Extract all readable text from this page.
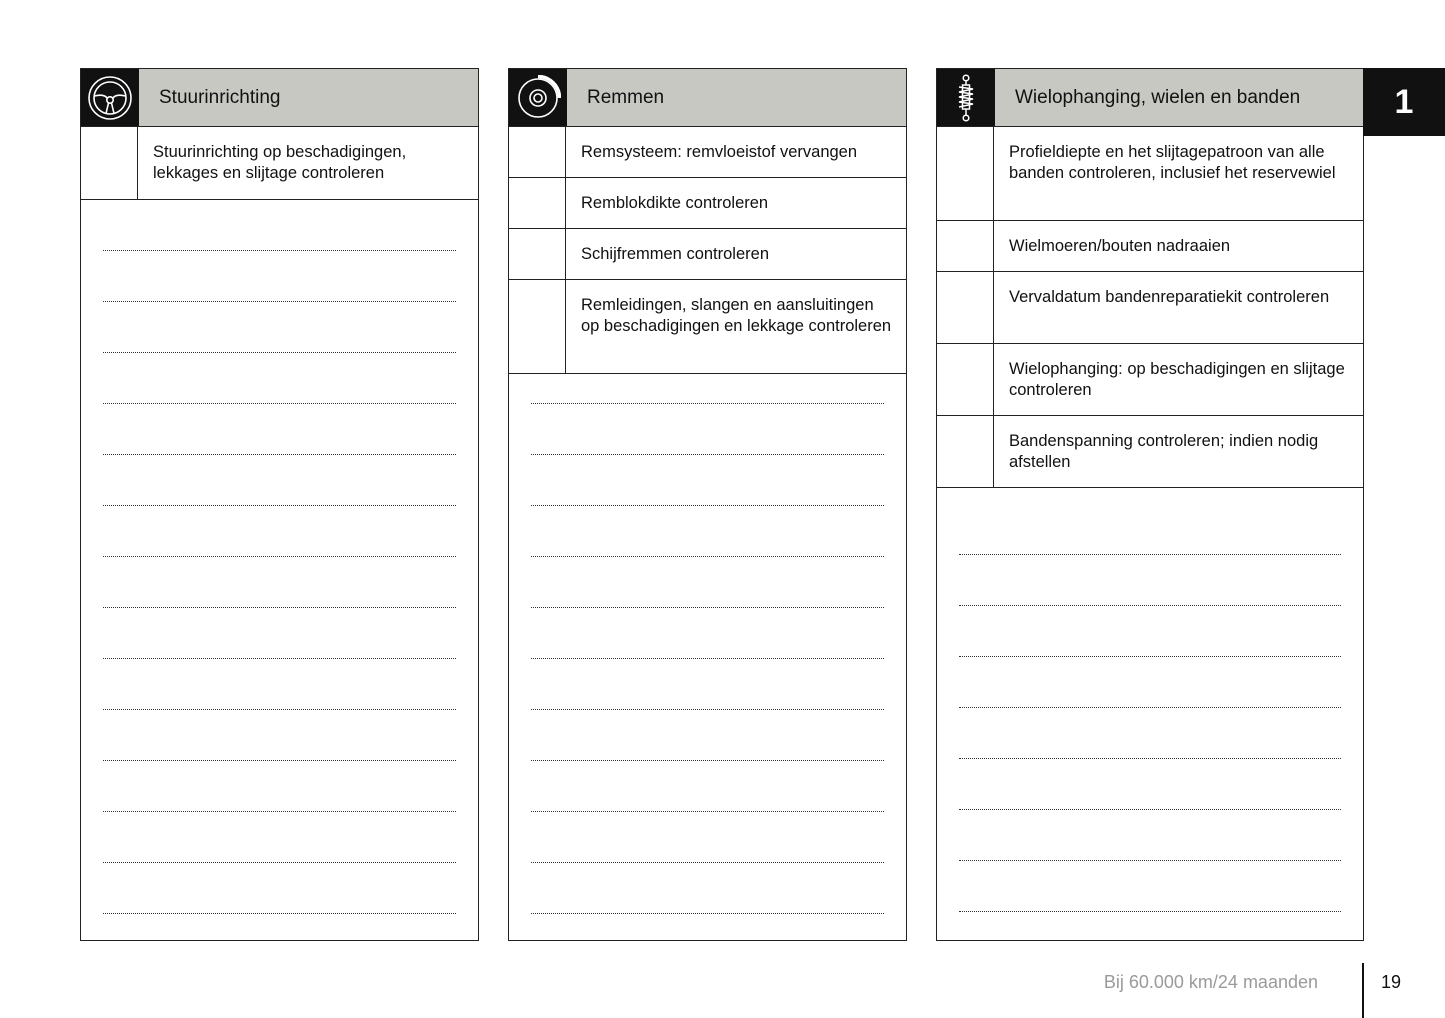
Stuurinrichting
Stuurinrichting op beschadigingen, lekkages en slijtage controleren
Remmen
Remsysteem: remvloeistof vervangen
Remblokdikte controleren
Schijfremmen controleren
Remleidingen, slangen en aansluitingen op beschadigingen en lekkage controleren
Wielophanging, wielen en banden
Profieldiepte en het slijtagepatroon van alle banden controleren, inclusief het reservewiel
Wielmoeren/bouten nadraaien
Vervaldatum bandenreparatiekit controleren
Wielophanging: op beschadigingen en slijtage controleren
Bandenspanning controleren; indien nodig afstellen
1
Bij 60.000 km/24 maanden	19
